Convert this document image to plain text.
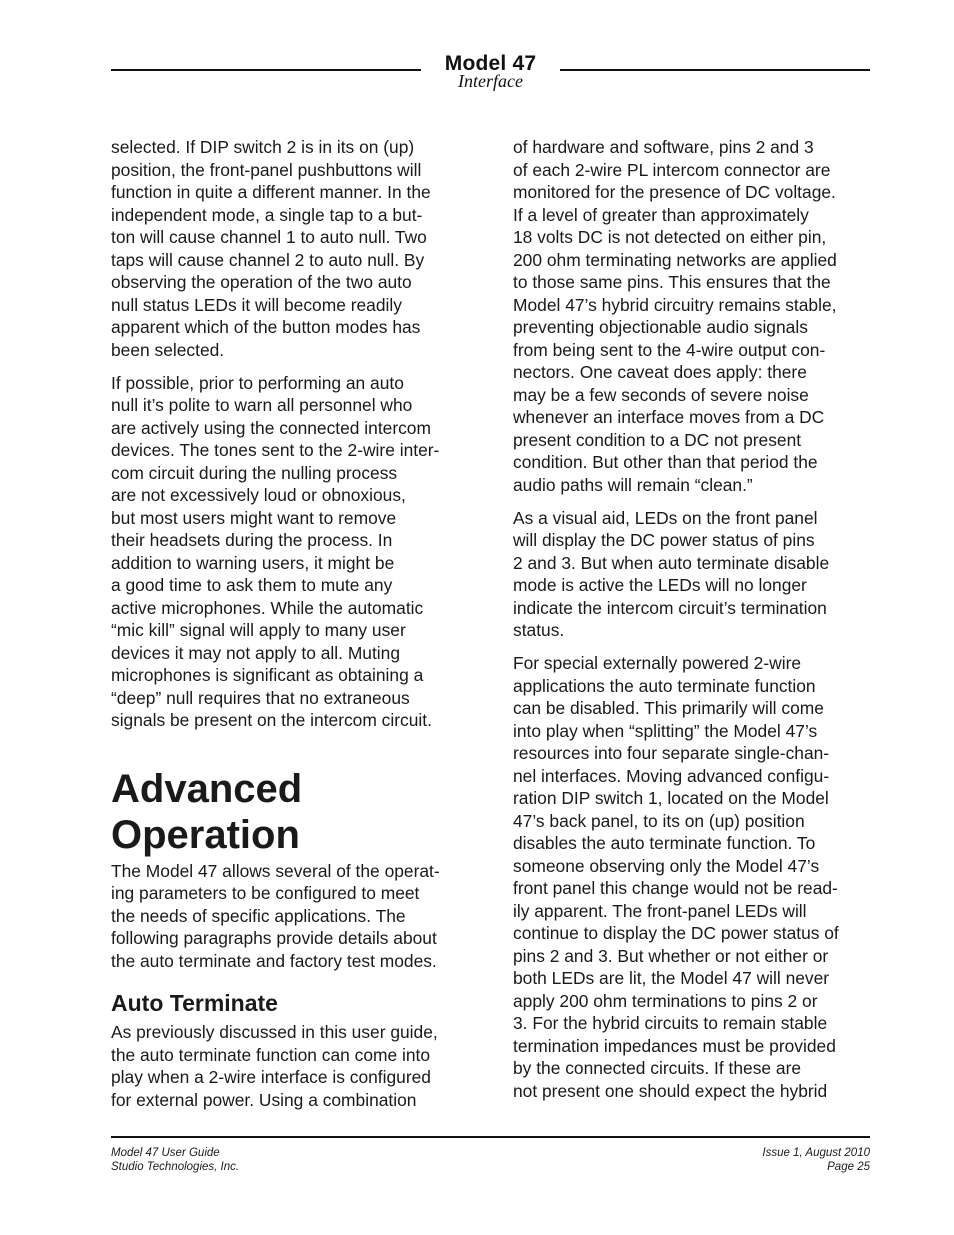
Model 47
Interface

selected. If DIP switch 2 is in its on (up)
position, the front-panel pushbuttons will
function in quite a different manner. In the
independent mode, a single tap to a but-
ton will cause channel 1 to auto null. Two
taps will cause channel 2 to auto null. By
observing the operation of the two auto
null status LEDs it will become readily
apparent which of the button modes has
been selected.

If possible, prior to performing an auto
null it’s polite to warn all personnel who
are actively using the connected intercom
devices. The tones sent to the 2-wire inter-
com circuit during the nulling process
are not excessively loud or obnoxious,
but most users might want to remove
their headsets during the process. In
addition to warning users, it might be
a good time to ask them to mute any
active microphones. While the automatic
“mic kill” signal will apply to many user
devices it may not apply to all. Muting
microphones is significant as obtaining a
“deep” null requires that no extraneous
signals be present on the intercom circuit.

Advanced
Operation

The Model 47 allows several of the operat-
ing parameters to be configured to meet
the needs of specific applications. The
following paragraphs provide details about
the auto terminate and factory test modes.

Auto Terminate

As previously discussed in this user guide,
the auto terminate function can come into
play when a 2-wire interface is configured
for external power. Using a combination

of hardware and software, pins 2 and 3
of each 2-wire PL intercom connector are
monitored for the presence of DC voltage.
If a level of greater than approximately
18 volts DC is not detected on either pin,
200 ohm terminating networks are applied
to those same pins. This ensures that the
Model 47’s hybrid circuitry remains stable,
preventing objectionable audio signals
from being sent to the 4-wire output con-
nectors. One caveat does apply: there
may be a few seconds of severe noise
whenever an interface moves from a DC
present condition to a DC not present
condition. But other than that period the
audio paths will remain “clean.”

As a visual aid, LEDs on the front panel
will display the DC power status of pins
2 and 3. But when auto terminate disable
mode is active the LEDs will no longer
indicate the intercom circuit’s termination
status.

For special externally powered 2-wire
applications the auto terminate function
can be disabled. This primarily will come
into play when “splitting” the Model 47’s
resources into four separate single-chan-
nel interfaces. Moving advanced configu-
ration DIP switch 1, located on the Model
47’s back panel, to its on (up) position
disables the auto terminate function. To
someone observing only the Model 47’s
front panel this change would not be read-
ily apparent. The front-panel LEDs will
continue to display the DC power status of
pins 2 and 3. But whether or not either or
both LEDs are lit, the Model 47 will never
apply 200 ohm terminations to pins 2 or
3. For the hybrid circuits to remain stable
termination impedances must be provided
by the connected circuits. If these are
not present one should expect the hybrid

Model 47 User Guide
Studio Technologies, Inc.
Issue 1, August 2010
Page 25
